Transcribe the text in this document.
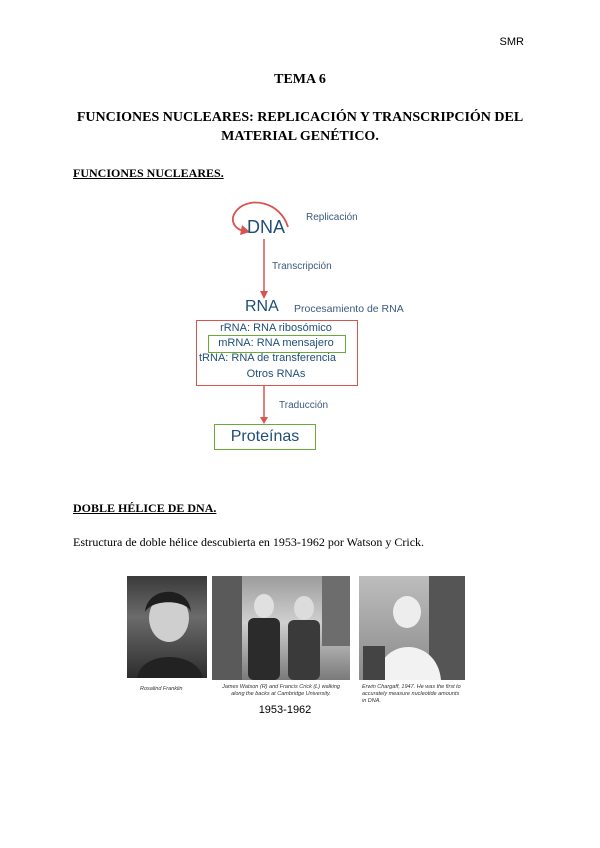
SMR
TEMA 6
FUNCIONES NUCLEARES: REPLICACIÓN Y TRANSCRIPCIÓN DEL MATERIAL GENÉTICO.
FUNCIONES NUCLEARES.
DNA Replicación
Transcripción
RNA Procesamiento de RNA
rRNA: RNA ribosómico
mRNA: RNA mensajero
tRNA: RNA de transferencia
Otros RNAs
Traducción
Proteínas
DOBLE HÉLICE DE DNA.
Estructura de doble hélice descubierta en 1953-1962 por Watson y Crick.
Rosalind Franklin	James Watson (R) and Francis Crick (L) walking along the backs at Cambridge University.
Erwin Chargaff, 1947. He was the first to accurately measure nucleotide amounts in DNA.
1953-1962
